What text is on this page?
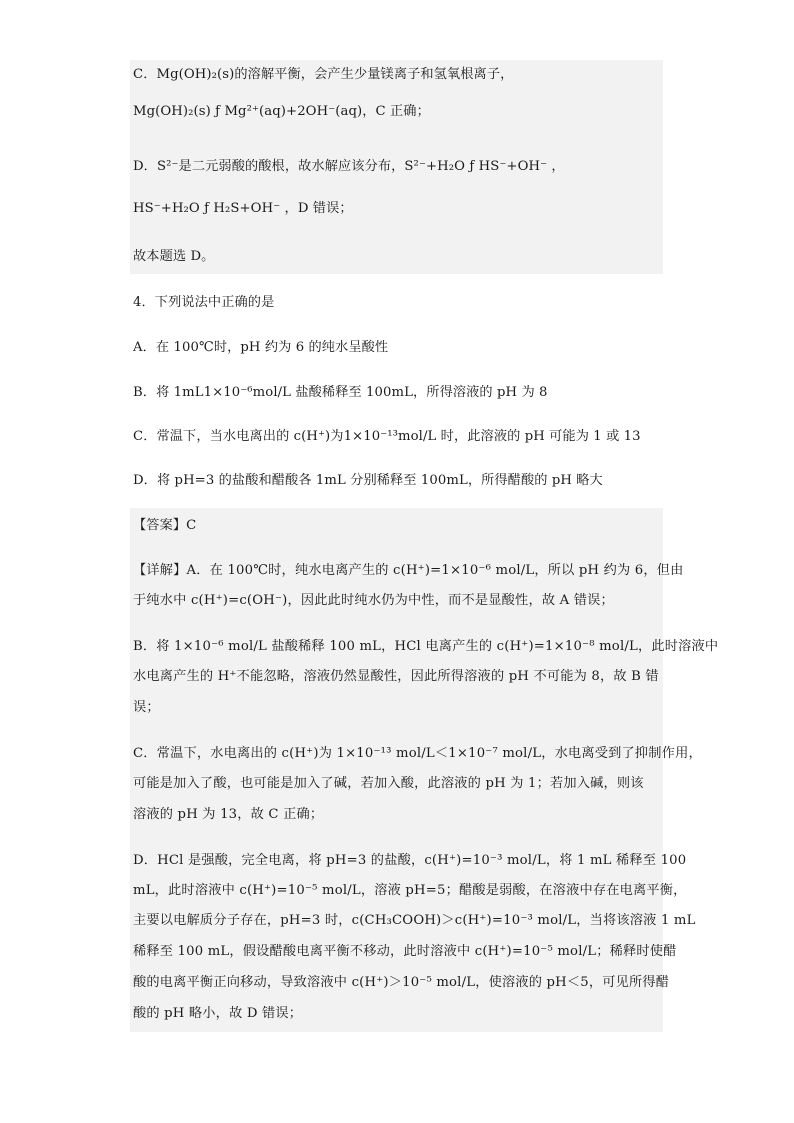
C．Mg(OH)₂(s)的溶解平衡，会产生少量镁离子和氢氧根离子，
Mg(OH)₂(s) ƒ Mg²⁺(aq)+2OH⁻(aq)，C 正确；
D．S²⁻是二元弱酸的酸根，故水解应该分布，S²⁻+H₂O ƒ HS⁻+OH⁻ ，
HS⁻+H₂O ƒ H₂S+OH⁻ ，D 错误；
故本题选 D。
4．下列说法中正确的是
A．在 100℃时，pH 约为 6 的纯水呈酸性
B．将 1mL1×10⁻⁶mol/L 盐酸稀释至 100mL，所得溶液的 pH 为 8
C．常温下，当水电离出的 c(H⁺)为1×10⁻¹³mol/L 时，此溶液的 pH 可能为 1 或 13
D．将 pH=3 的盐酸和醋酸各 1mL 分别稀释至 100mL，所得醋酸的 pH 略大
【答案】C
【详解】A．在 100℃时，纯水电离产生的 c(H⁺)=1×10⁻⁶ mol/L，所以 pH 约为 6，但由
于纯水中 c(H⁺)=c(OH⁻)，因此此时纯水仍为中性，而不是显酸性，故 A 错误；
B．将 1×10⁻⁶ mol/L 盐酸稀释 100 mL，HCl 电离产生的 c(H⁺)=1×10⁻⁸ mol/L，此时溶液中
水电离产生的 H⁺不能忽略，溶液仍然显酸性，因此所得溶液的 pH 不可能为 8，故 B 错
误；
C．常温下，水电离出的 c(H⁺)为 1×10⁻¹³ mol/L＜1×10⁻⁷ mol/L，水电离受到了抑制作用，
可能是加入了酸，也可能是加入了碱，若加入酸，此溶液的 pH 为 1；若加入碱，则该
溶液的 pH 为 13，故 C 正确；
D．HCl 是强酸，完全电离，将 pH=3 的盐酸，c(H⁺)=10⁻³ mol/L，将 1 mL 稀释至 100
mL，此时溶液中 c(H⁺)=10⁻⁵ mol/L，溶液 pH=5；醋酸是弱酸，在溶液中存在电离平衡，
主要以电解质分子存在，pH=3 时，c(CH₃COOH)＞c(H⁺)=10⁻³ mol/L，当将该溶液 1 mL
稀释至 100 mL，假设醋酸电离平衡不移动，此时溶液中 c(H⁺)=10⁻⁵ mol/L；稀释时使醋
酸的电离平衡正向移动，导致溶液中 c(H⁺)＞10⁻⁵ mol/L，使溶液的 pH＜5，可见所得醋
酸的 pH 略小，故 D 错误；
